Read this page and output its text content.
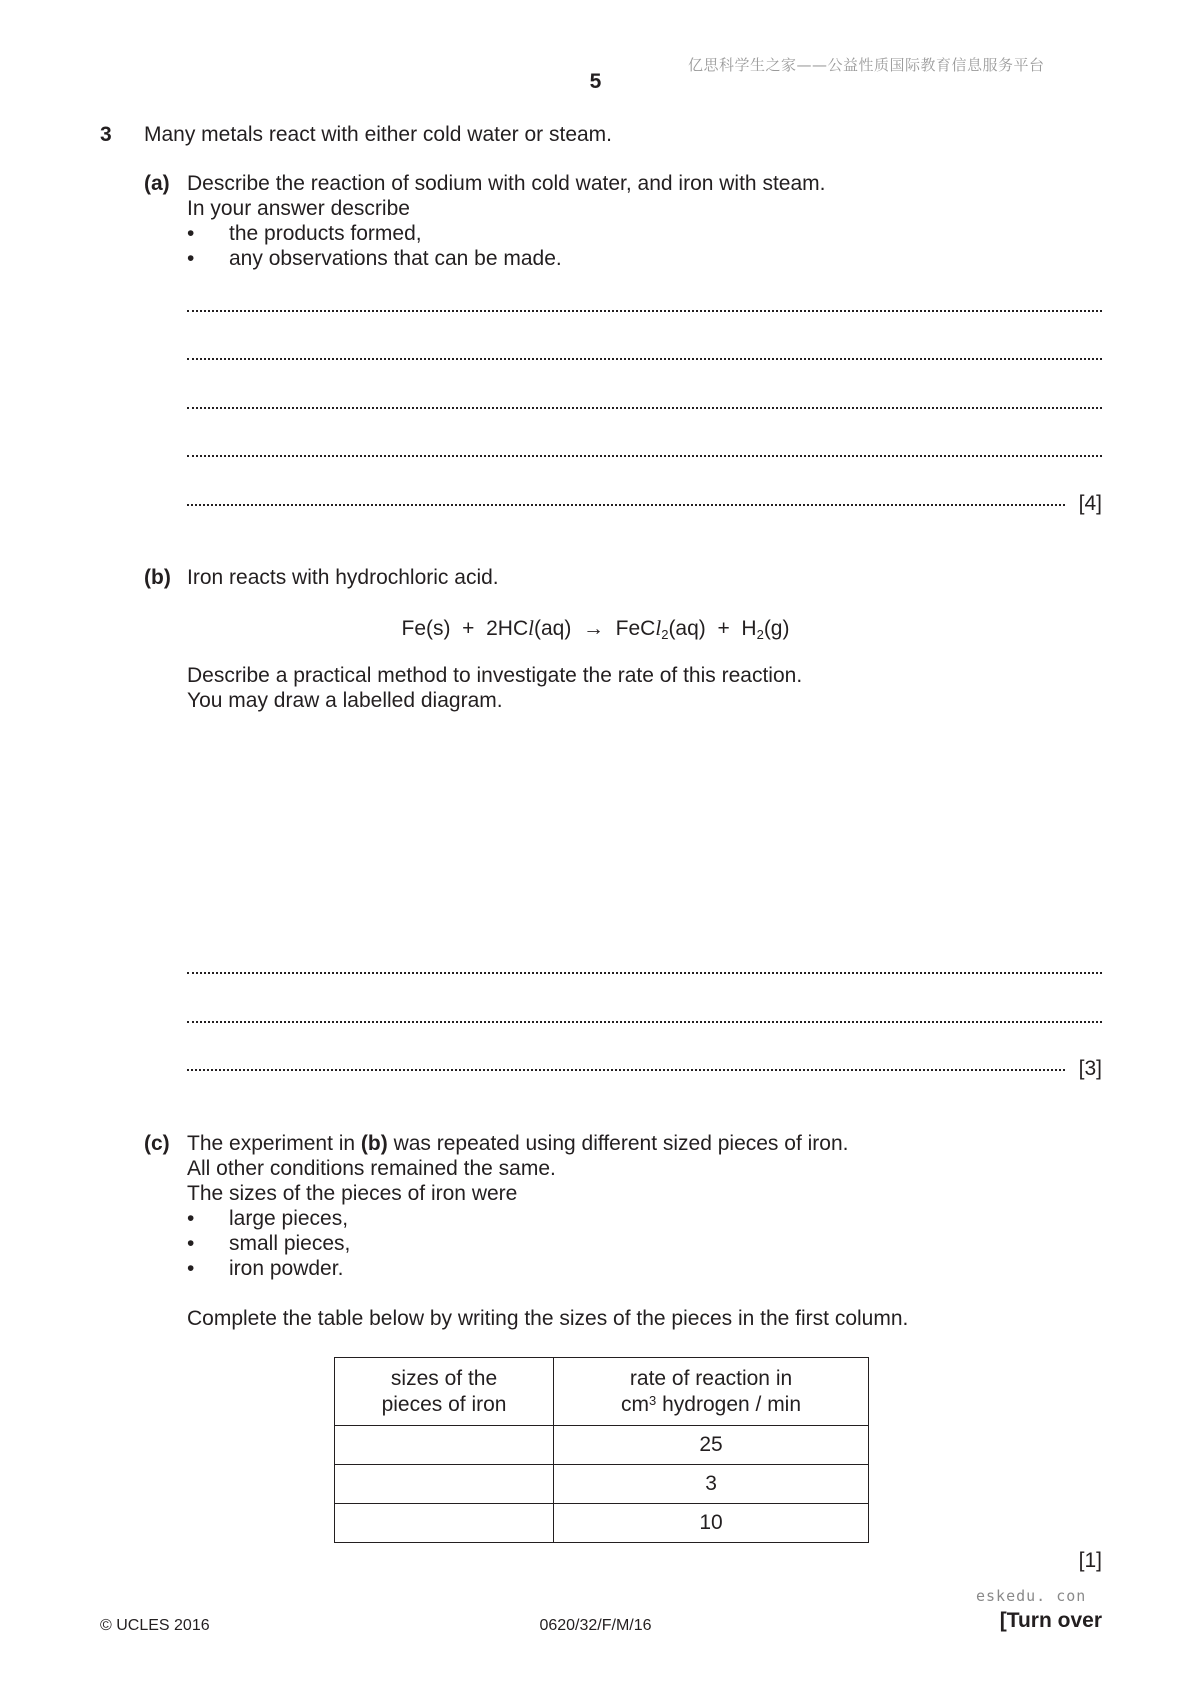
亿思科学生之家——公益性质国际教育信息服务平台
5
3 Many metals react with either cold water or steam.
(a) Describe the reaction of sodium with cold water, and iron with steam.
In your answer describe
• the products formed,
• any observations that can be made.
[4]
(b) Iron reacts with hydrochloric acid.
Fe(s) + 2HCl(aq) → FeCl$_2$(aq) + $H_2(g)$
Describe a practical method to investigate the rate of this reaction.
You may draw a labelled diagram.
[3]
(c) The experiment in (b) was repeated using different sized pieces of iron.
All other conditions remained the same.
The sizes of the pieces of iron were
• large pieces,
• small pieces,
• iron powder.
Complete the table below by writing the sizes of the pieces in the first column.
sizes of the
pieces of iron	rate of reaction in
$cm^3$ hydrogen / min
	25
	3
	10
[1]
eskedu. con
© UCLES 2016	0620/32/F/M/16	[Turn over
